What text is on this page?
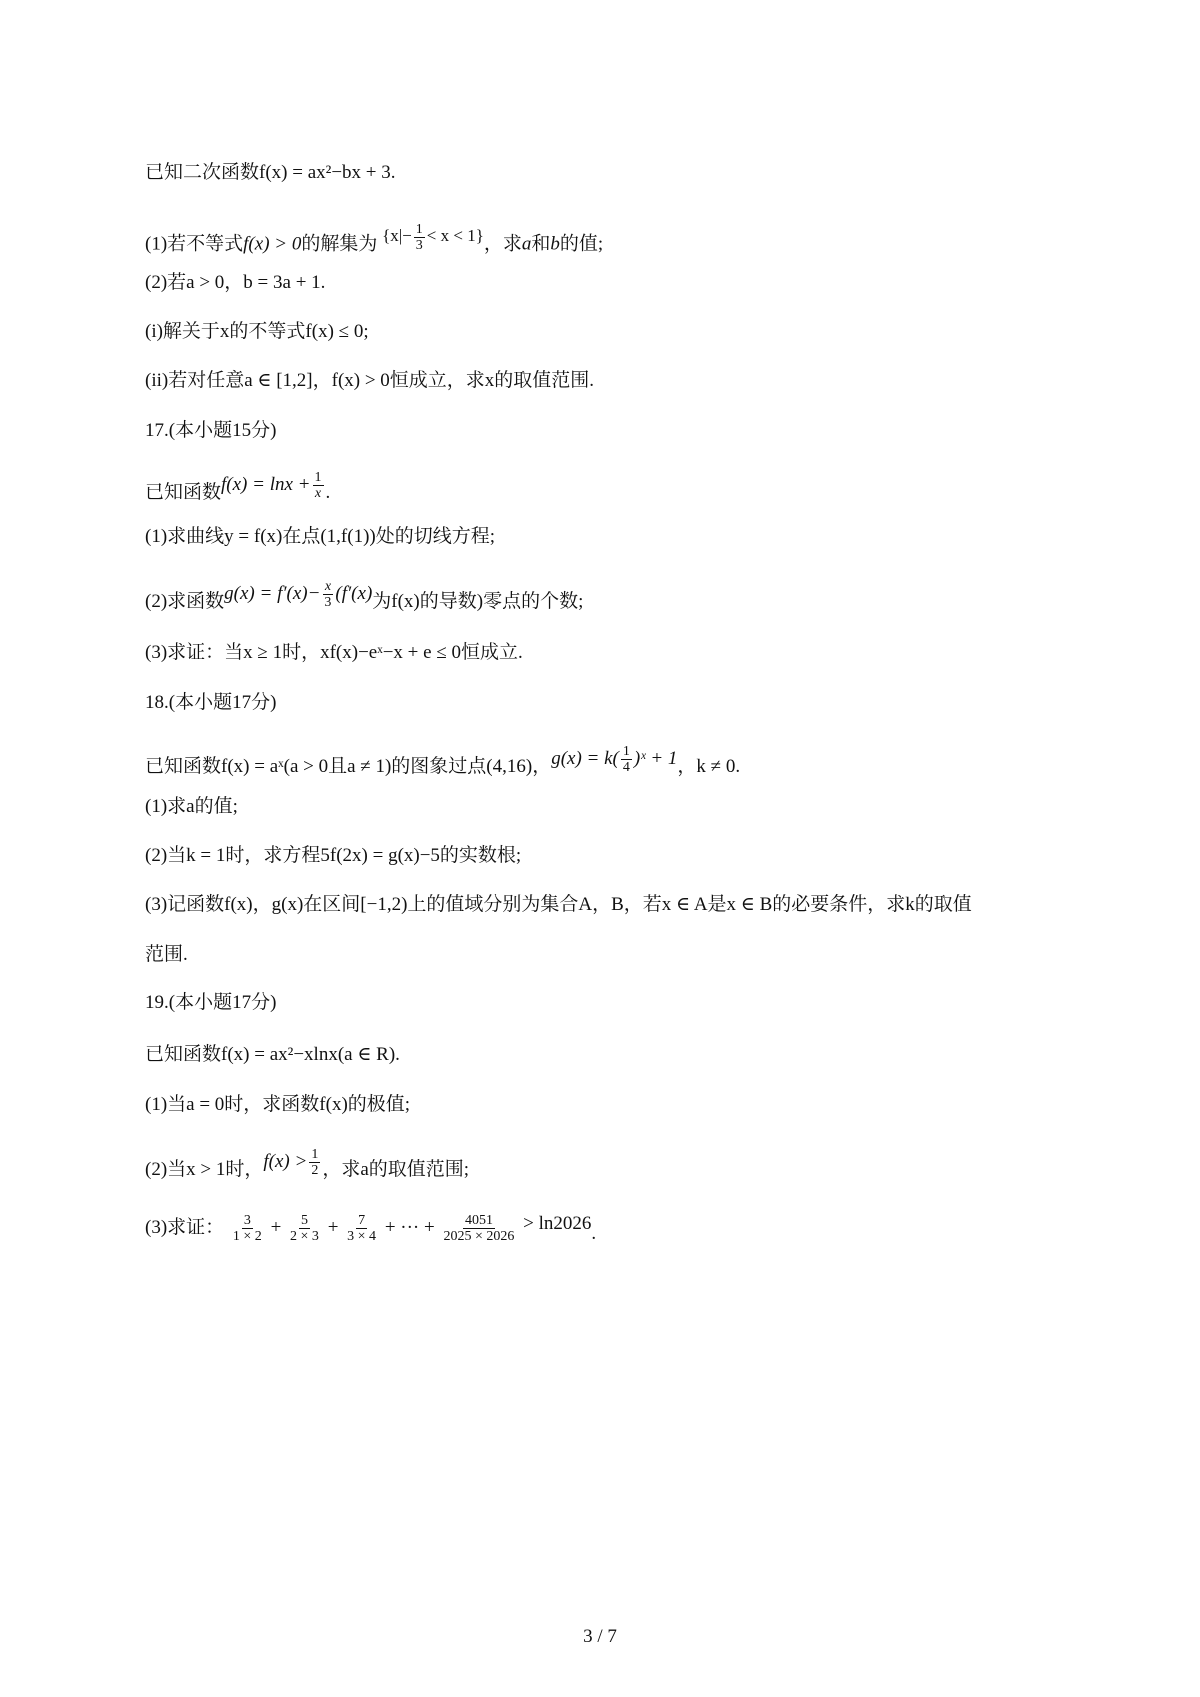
已知二次函数f(x) = ax²−bx + 3.
(1)若不等式f(x) > 0的解集为 $\{x|- \frac{1}{3} < x < 1\}$，求a和b的值;
(2)若a > 0，b = 3a + 1.
(i)解关于x的不等式f(x) ≤ 0;
(ii)若对任意a ∈ [1,2]，f(x) > 0恒成立，求x的取值范围.
17.(本小题15分)
已知函数$f(x) = \ln x + \frac{1}{x}$ .
(1)求曲线y = f(x)在点(1,f(1))处的切线方程;
(2)求函数$g(x) = f'(x)- \frac{x}{3} (f'(x)$为f(x)的导数)零点的个数;
(3)求证：当x ≥ 1时，xf(x)−eˣ−x + e ≤ 0恒成立.
18.(本小题17分)
已知函数f(x) = aˣ(a > 0且a ≠ 1)的图象过点(4,16)，$g(x) = k( \frac{1}{4}$ )ˣ + 1，k ≠ 0.
(1)求a的值;
(2)当k = 1时，求方程5f(2x) = g(x)−5的实数根;
(3)记函数f(x)，g(x)在区间[−1,2)上的值域分别为集合A，B，若x ∈ A是x ∈ B的必要条件，求k的取值
范围.
19.(本小题17分)
已知函数f(x) = ax²−xlnx(a ∈ R).
(1)当a = 0时，求函数f(x)的极值;
(2)当x > 1时，$f(x) > \frac{1}{2}$ ，求a的取值范围;
(3)求证： $\frac{3}{1 \times 2} + \frac{5}{2 \times 3} + \frac{7}{3 \times 4}$ + ··· + $\frac{4051}{2025 \times 2026} > \ln 2026$.
3 / 7
